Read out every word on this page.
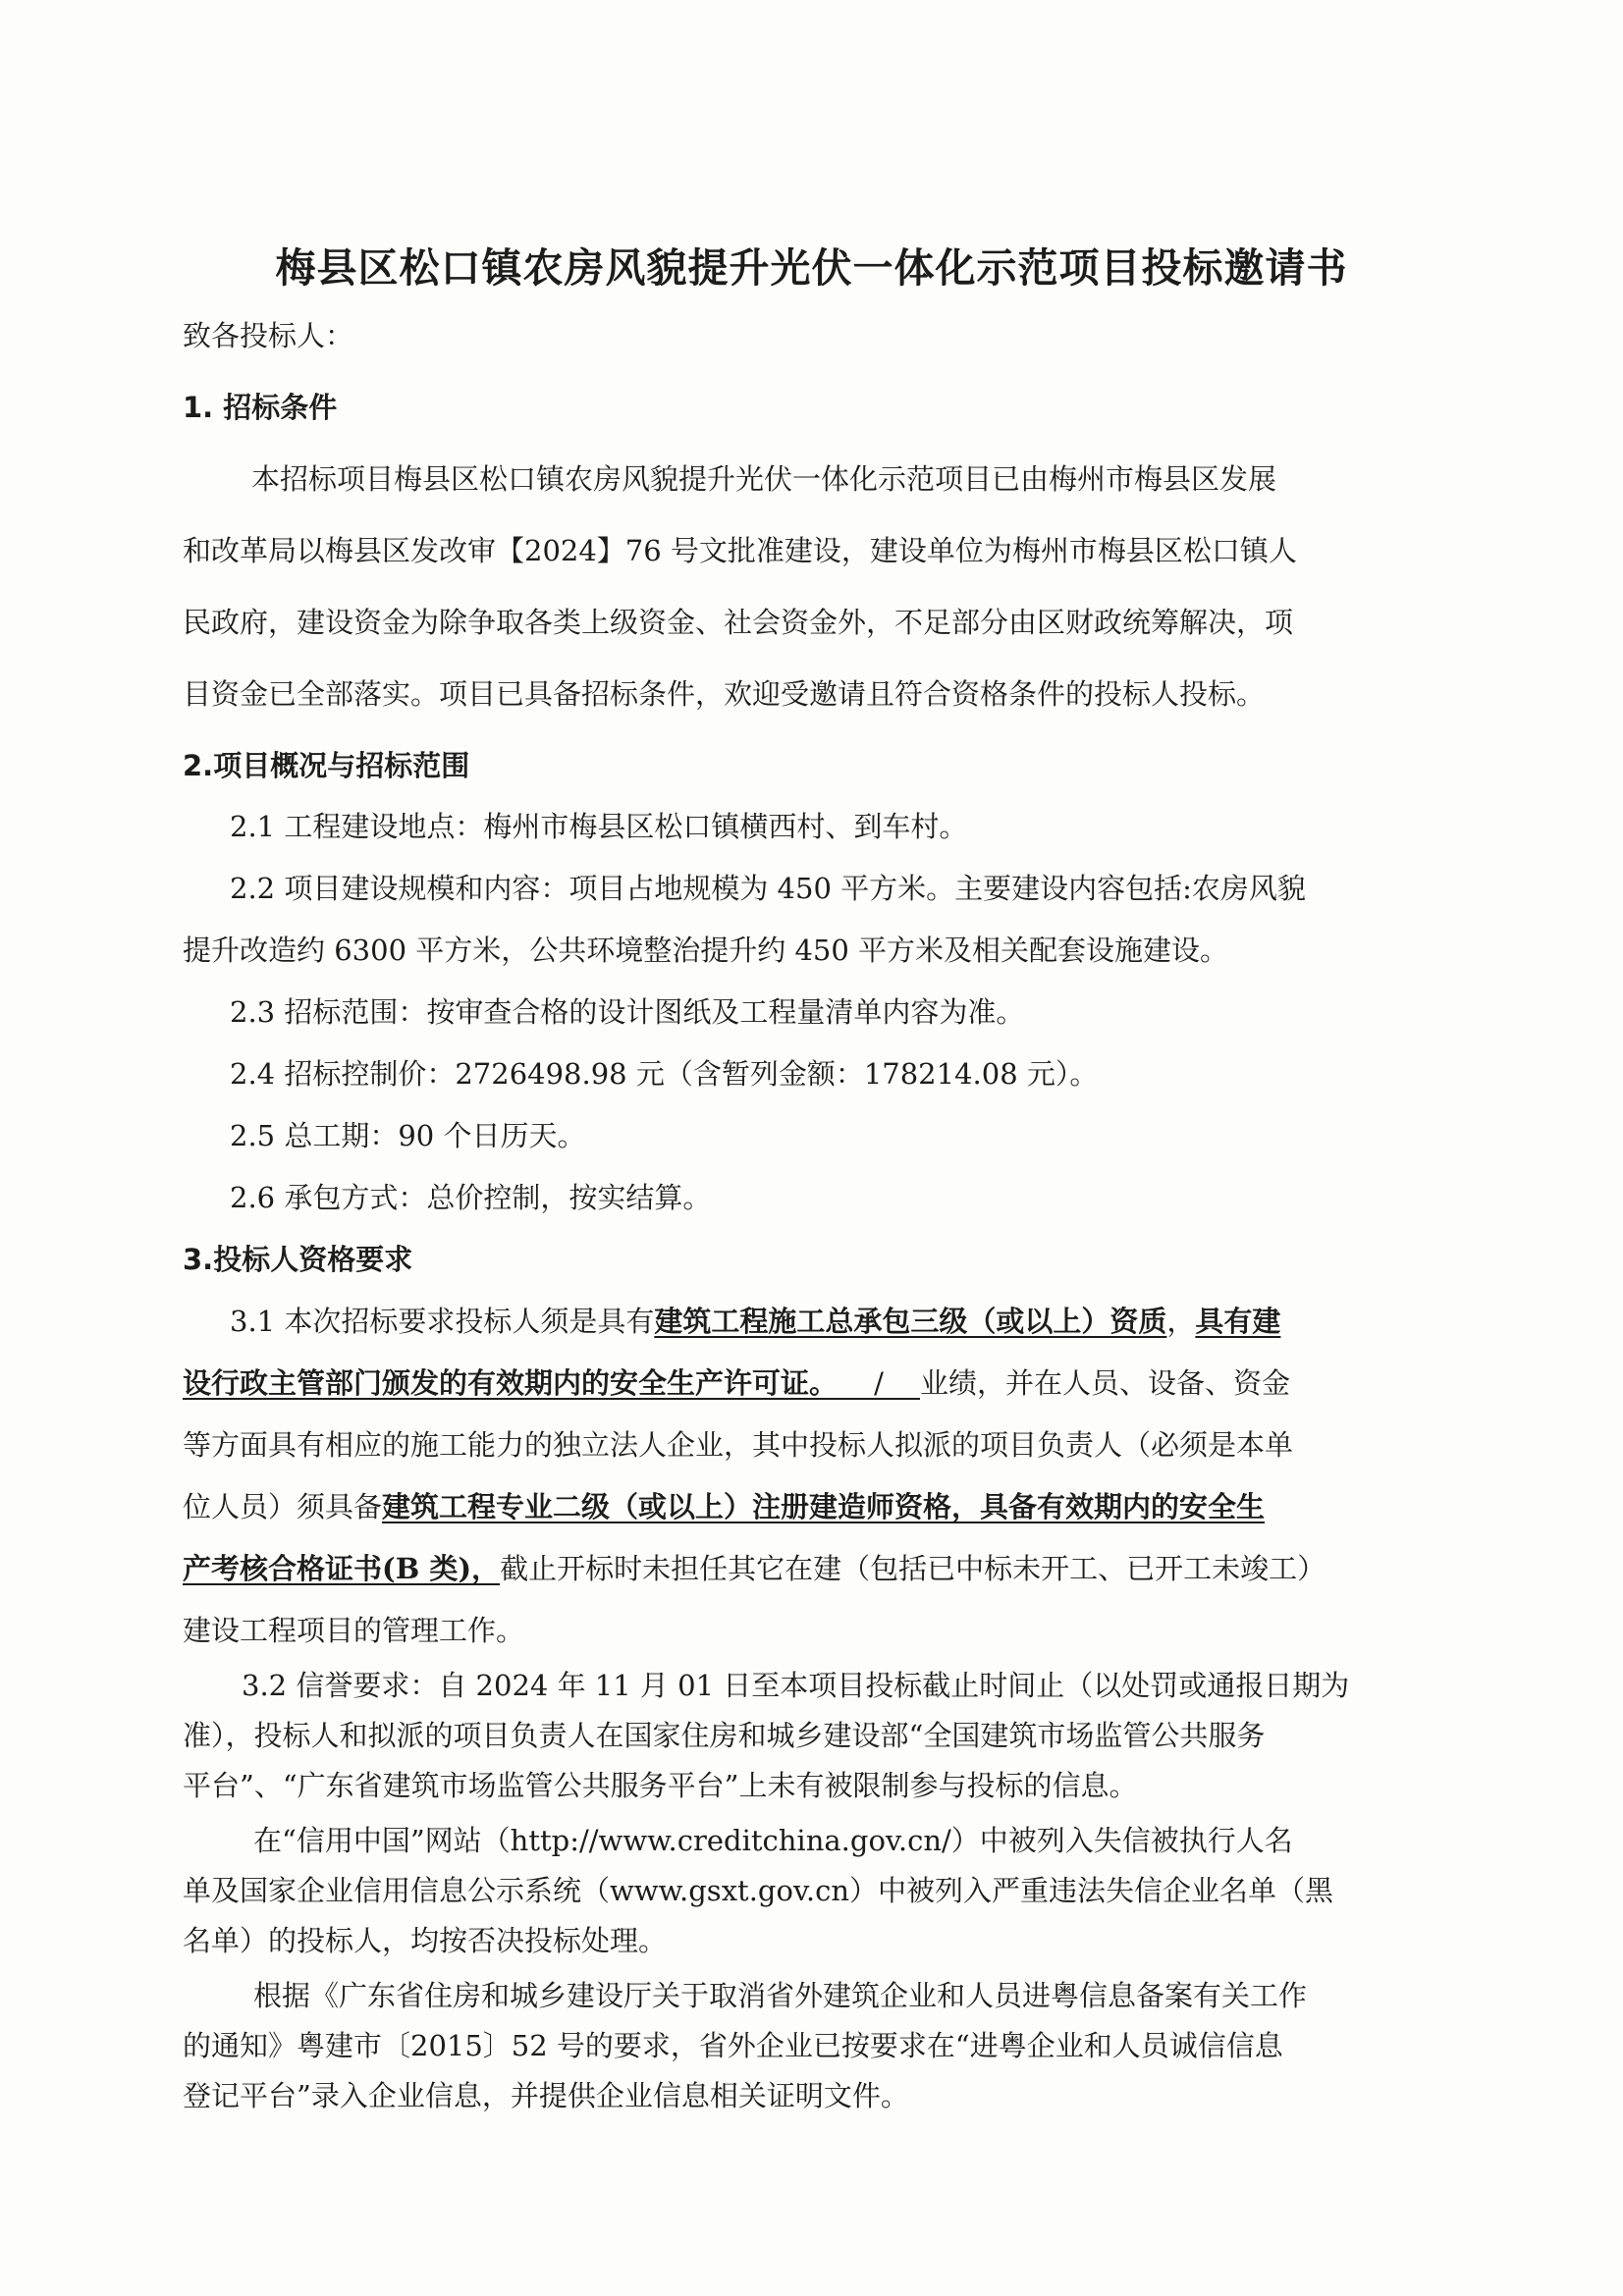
梅县区松口镇农房风貌提升光伏一体化示范项目投标邀请书
致各投标人：
1. 招标条件
本招标项目梅县区松口镇农房风貌提升光伏一体化示范项目已由梅州市梅县区发展
和改革局以梅县区发改审【2024】76 号文批准建设，建设单位为梅州市梅县区松口镇人
民政府，建设资金为除争取各类上级资金、社会资金外，不足部分由区财政统筹解决，项
目资金已全部落实。项目已具备招标条件，欢迎受邀请且符合资格条件的投标人投标。
2.项目概况与招标范围
2.1 工程建设地点：梅州市梅县区松口镇横西村、到车村。
2.2 项目建设规模和内容：项目占地规模为 450 平方米。主要建设内容包括:农房风貌
提升改造约 6300 平方米，公共环境整治提升约 450 平方米及相关配套设施建设。
2.3 招标范围：按审查合格的设计图纸及工程量清单内容为准。
2.4 招标控制价：2726498.98 元（含暂列金额：178214.08 元）。
2.5 总工期：90 个日历天。
2.6 承包方式：总价控制，按实结算。
3.投标人资格要求
3.1 本次招标要求投标人须是具有建筑工程施工总承包三级（或以上）资质，具有建
设行政主管部门颁发的有效期内的安全生产许可证。 / 业绩，并在人员、设备、资金
等方面具有相应的施工能力的独立法人企业，其中投标人拟派的项目负责人（必须是本单
位人员）须具备建筑工程专业二级（或以上）注册建造师资格，具备有效期内的安全生
产考核合格证书(B 类)，截止开标时未担任其它在建（包括已中标未开工、已开工未竣工）
建设工程项目的管理工作。
3.2 信誉要求：自 2024 年 11 月 01 日至本项目投标截止时间止（以处罚或通报日期为
准），投标人和拟派的项目负责人在国家住房和城乡建设部“全国建筑市场监管公共服务
平台”、“广东省建筑市场监管公共服务平台”上未有被限制参与投标的信息。
在“信用中国”网站（http://www.creditchina.gov.cn/）中被列入失信被执行人名
单及国家企业信用信息公示系统（www.gsxt.gov.cn）中被列入严重违法失信企业名单（黑
名单）的投标人，均按否决投标处理。
根据《广东省住房和城乡建设厅关于取消省外建筑企业和人员进粤信息备案有关工作
的通知》粤建市〔2015〕52 号的要求，省外企业已按要求在“进粤企业和人员诚信信息
登记平台”录入企业信息，并提供企业信息相关证明文件。
